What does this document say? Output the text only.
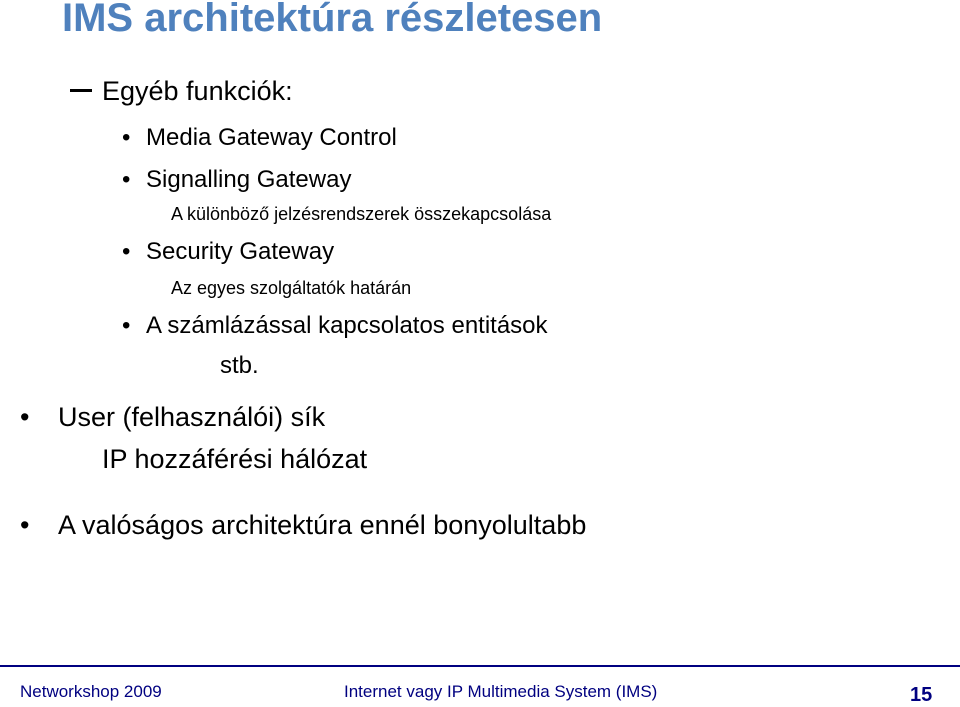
IMS architektúra részletesen
Egyéb funkciók:
• Media Gateway Control
• Signalling Gateway
A különböző jelzésrendszerek összekapcsolása
• Security Gateway
Az egyes szolgáltatók határán
• A számlázással kapcsolatos entitások
stb.
• User (felhasználói) sík
IP hozzáférési hálózat
• A valóságos architektúra ennél bonyolultabb
Networkshop 2009	Internet vagy IP Multimedia System (IMS)	15
